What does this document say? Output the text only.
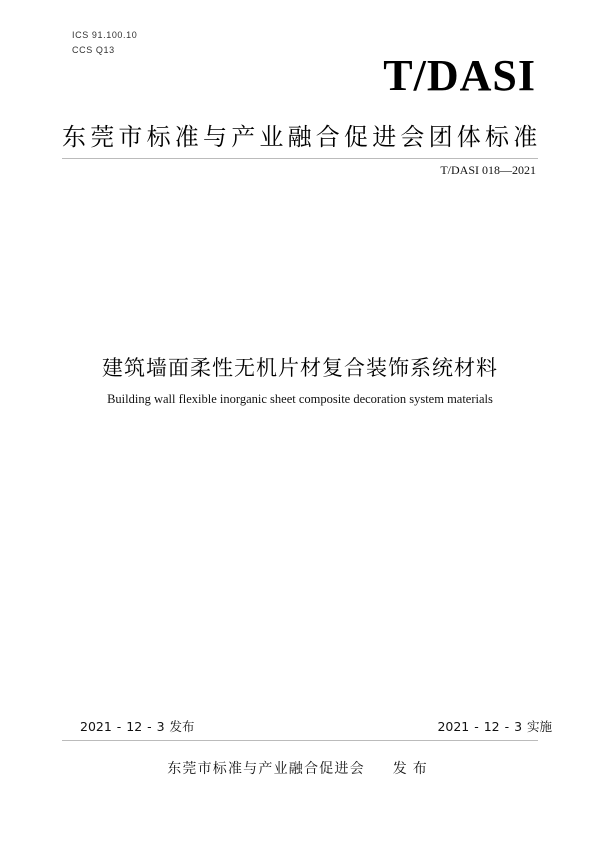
ICS 91.100.10
CCS Q13
T/DASI
东莞市标准与产业融合促进会团体标准
T/DASI 018—2021
建筑墙面柔性无机片材复合装饰系统材料
Building wall flexible inorganic sheet composite decoration system materials
2021 - 12 - 3 发布	2021 - 12 - 3 实施
东莞市标准与产业融合促进会 发布
